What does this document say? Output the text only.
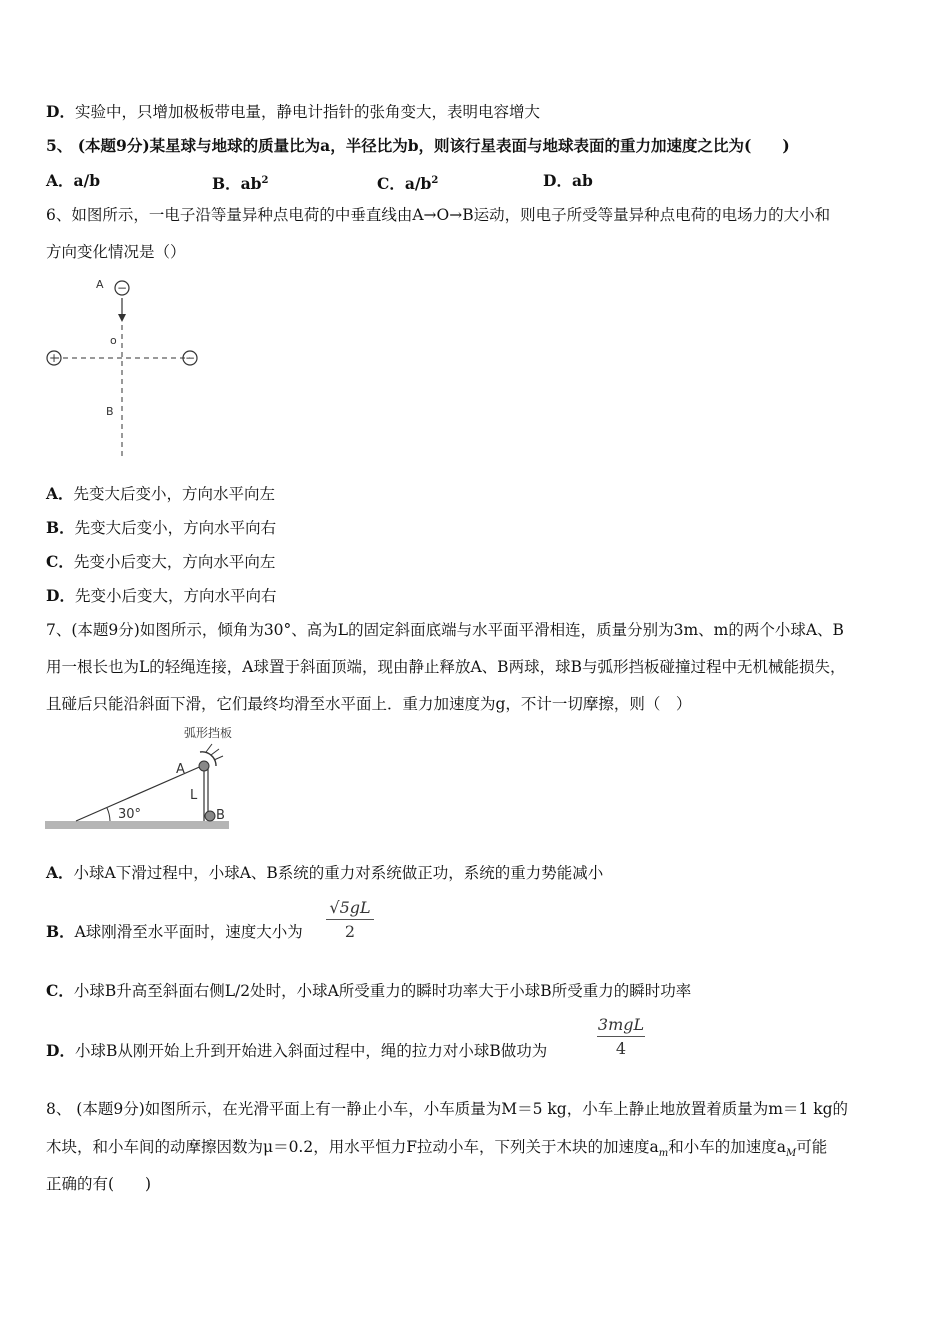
D．实验中，只增加极板带电量，静电计指针的张角变大，表明电容增大
5、 (本题9分)某星球与地球的质量比为a，半径比为b，则该行星表面与地球表面的重力加速度之比为(　　)
A．a/b	B．$ab^2$	C．$a/b^2$	D．ab
6、如图所示，一电子沿等量异种点电荷的中垂直线由A→O→B运动，则电子所受等量异种点电荷的电场力的大小和
方向变化情况是（）
−
+	−
A
o
B
A．先变大后变小，方向水平向左
B．先变大后变小，方向水平向右
C．先变小后变大，方向水平向左
D．先变小后变大，方向水平向右
7、(本题9分)如图所示，倾角为30°、高为L的固定斜面底端与水平面平滑相连，质量分别为3m、m的两个小球A、B
用一根长也为L的轻绳连接，A球置于斜面顶端，现由静止释放A、B两球，球B与弧形挡板碰撞过程中无机械能损失，
且碰后只能沿斜面下滑，它们最终均滑至水平面上．重力加速度为g，不计一切摩擦，则（　）
弧形挡板
A
L
B
30°
A．小球A下滑过程中，小球A、B系统的重力对系统做正功，系统的重力势能减小
B．A球刚滑至水平面时，速度大小为
√5gL
2
C．小球B升高至斜面右侧L/2处时，小球A所受重力的瞬时功率大于小球B所受重力的瞬时功率
D．小球B从刚开始上升到开始进入斜面过程中，绳的拉力对小球B做功为
3mgL
4
8、 (本题9分)如图所示，在光滑平面上有一静止小车，小车质量为M＝5 kg，小车上静止地放置着质量为m＝1 kg的
木块，和小车间的动摩擦因数为μ＝0.2，用水平恒力F拉动小车，下列关于木块的加速度$a_m$和小车的加速度$a_M$可能
正确的有(　　)
